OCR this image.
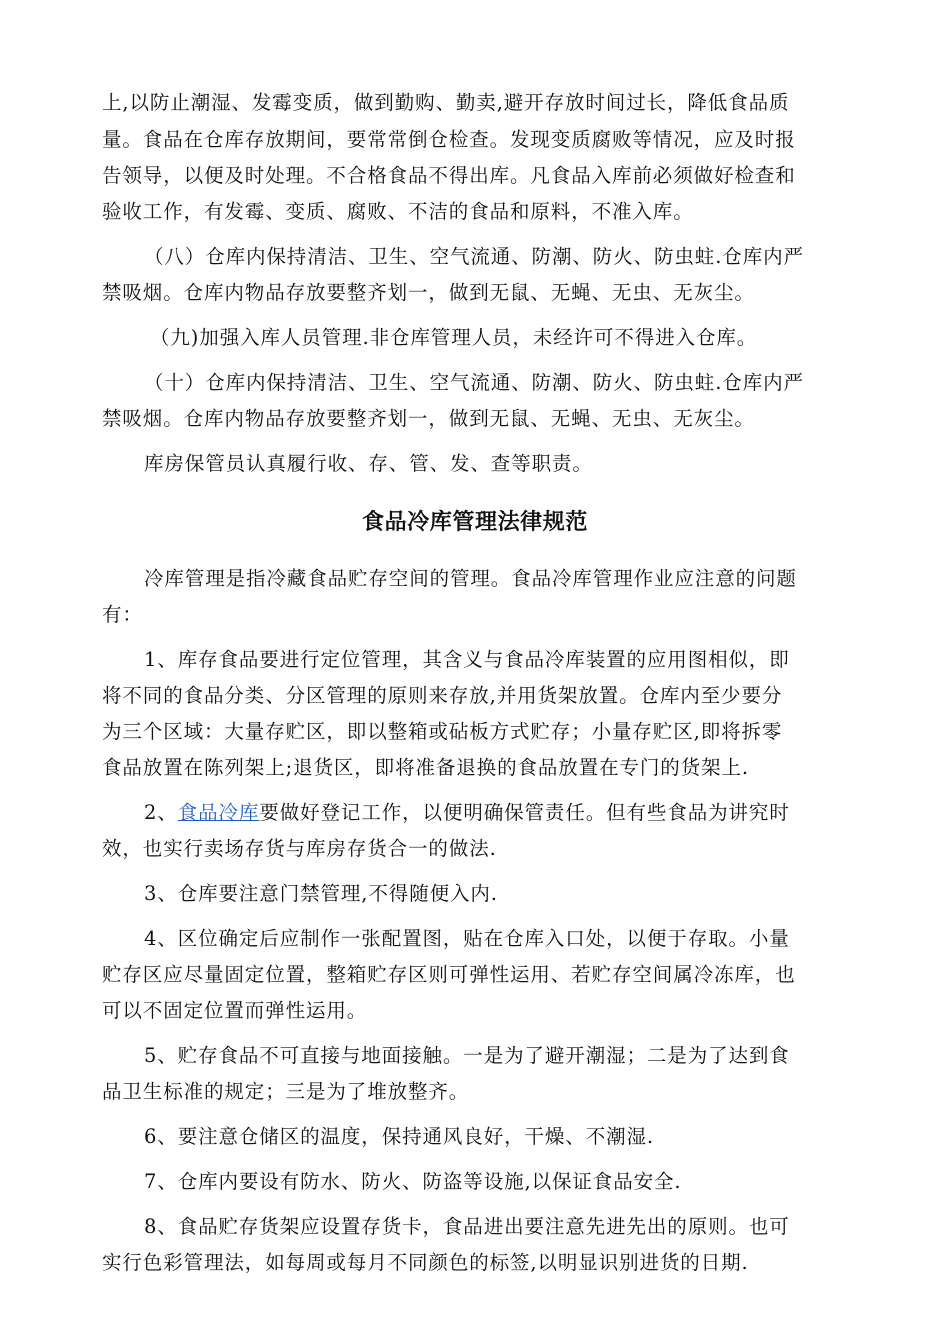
上,以防止潮湿、发霉变质，做到勤购、勤卖,避开存放时间过长，降低食品质
量。食品在仓库存放期间，要常常倒仓检查。发现变质腐败等情况，应及时报
告领导，以便及时处理。不合格食品不得出库。凡食品入库前必须做好检查和
验收工作，有发霉、变质、腐败、不洁的食品和原料，不准入库。
（八）仓库内保持清洁、卫生、空气流通、防潮、防火、防虫蛀.仓库内严
禁吸烟。仓库内物品存放要整齐划一，做到无鼠、无蝇、无虫、无灰尘。
（九)加强入库人员管理.非仓库管理人员，未经许可不得进入仓库。
（十）仓库内保持清洁、卫生、空气流通、防潮、防火、防虫蛀.仓库内严
禁吸烟。仓库内物品存放要整齐划一，做到无鼠、无蝇、无虫、无灰尘。
库房保管员认真履行收、存、管、发、查等职责。
食品冷库管理法律规范
冷库管理是指冷藏食品贮存空间的管理。食品冷库管理作业应注意的问题
有：
1、库存食品要进行定位管理，其含义与食品冷库装置的应用图相似，即
将不同的食品分类、分区管理的原则来存放,并用货架放置。仓库内至少要分
为三个区域：大量存贮区，即以整箱或砧板方式贮存；小量存贮区,即将拆零
食品放置在陈列架上;退货区，即将准备退换的食品放置在专门的货架上.
2、食品冷库要做好登记工作，以便明确保管责任。但有些食品为讲究时
效，也实行卖场存货与库房存货合一的做法.
3、仓库要注意门禁管理,不得随便入内.
4、区位确定后应制作一张配置图，贴在仓库入口处，以便于存取。小量
贮存区应尽量固定位置，整箱贮存区则可弹性运用、若贮存空间属冷冻库，也
可以不固定位置而弹性运用。
5、贮存食品不可直接与地面接触。一是为了避开潮湿；二是为了达到食
品卫生标准的规定；三是为了堆放整齐。
6、要注意仓储区的温度，保持通风良好，干燥、不潮湿.
7、仓库内要设有防水、防火、防盗等设施,以保证食品安全.
8、食品贮存货架应设置存货卡，食品进出要注意先进先出的原则。也可
实行色彩管理法，如每周或每月不同颜色的标签,以明显识别进货的日期.
